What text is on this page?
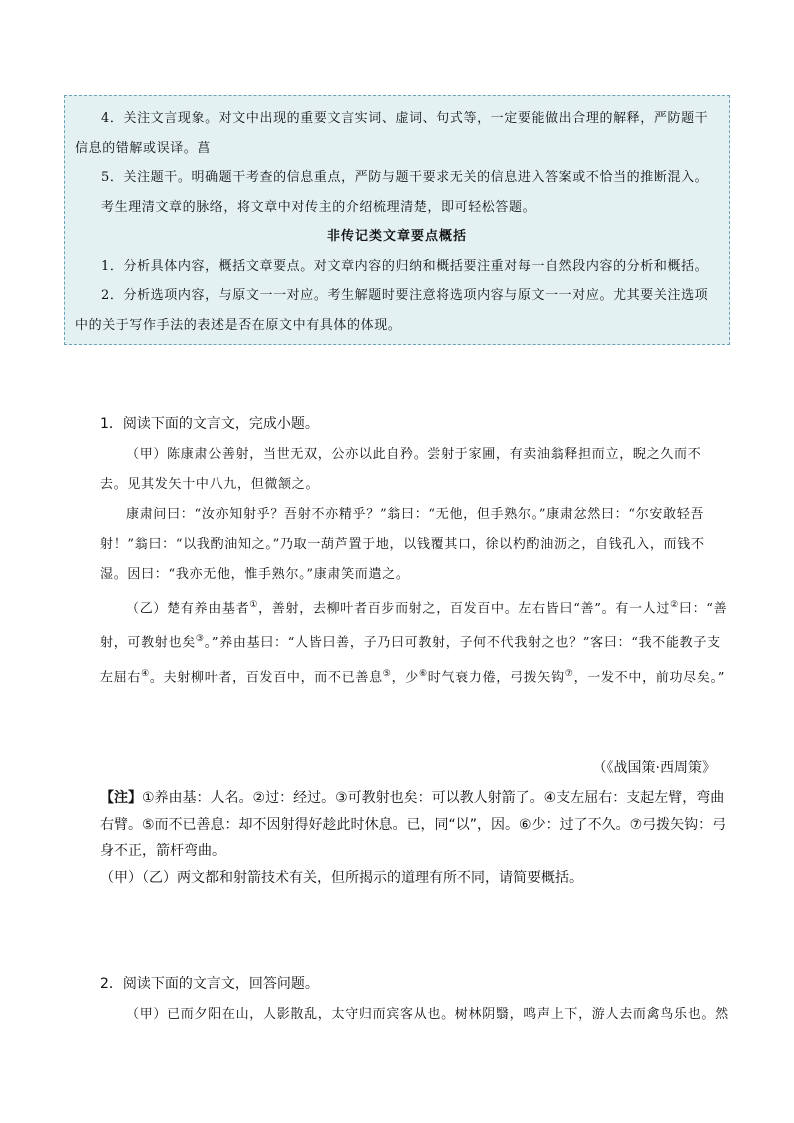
4．关注文言现象。对文中出现的重要文言实词、虚词、句式等，一定要能做出合理的解释，严防题干信息的错解或误译。菖

5．关注题干。明确题干考查的信息重点，严防与题干要求无关的信息进入答案或不恰当的推断混入。

考生理清文章的脉络，将文章中对传主的介绍梳理清楚，即可轻松答题。

非传记类文章要点概括

1．分析具体内容，概括文章要点。对文章内容的归纳和概括要注重对每一自然段内容的分析和概括。

2．分析选项内容，与原文一一对应。考生解题时要注意将选项内容与原文一一对应。尤其要关注选项中的关于写作手法的表述是否在原文中有具体的体现。

1．阅读下面的文言文，完成小题。

（甲）陈康肃公善射，当世无双，公亦以此自矜。尝射于家圃，有卖油翁释担而立，睨之久而不去。见其发矢十中八九，但微颔之。

康肃问曰：“汝亦知射乎？吾射不亦精乎？”翁曰：“无他，但手熟尔。”康肃忿然曰：“尔安敢轻吾射！”翁曰：“以我酌油知之。”乃取一葫芦置于地，以钱覆其口，徐以杓酌油沥之，自钱孔入，而钱不湿。因曰：“我亦无他，惟手熟尔。”康肃笑而遣之。

（乙）楚有养由基者①，善射，去柳叶者百步而射之，百发百中。左右皆曰“善”。有一人过②曰：“善射，可教射也矣③。”养由基曰：“人皆曰善，子乃曰可教射，子何不代我射之也？”客曰：“我不能教子支左屈右④。夫射柳叶者，百发百中，而不已善息⑤，少⑥时气衰力倦，弓拨矢钩⑦，一发不中，前功尽矣。”

（《战国策·西周策》

【注】①养由基：人名。②过：经过。③可教射也矣：可以教人射箭了。④支左屈右：支起左臂，弯曲右臂。⑤而不已善息：却不因射得好趁此时休息。已，同“以”，因。⑥少：过了不久。⑦弓拨矢钩：弓身不正，箭杆弯曲。
（甲）（乙）两文都和射箭技术有关，但所揭示的道理有所不同，请简要概括。

2．阅读下面的文言文，回答问题。

（甲）已而夕阳在山，人影散乱，太守归而宾客从也。树林阴翳，鸣声上下，游人去而禽鸟乐也。然
